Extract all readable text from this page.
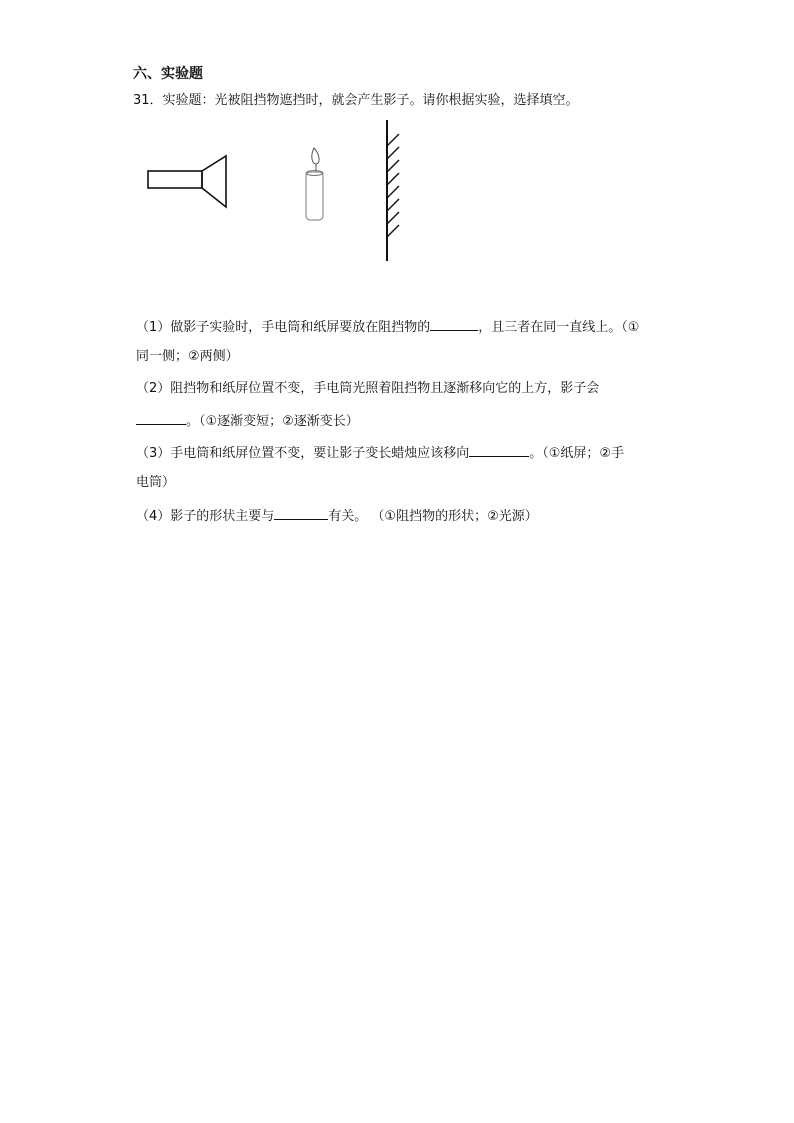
六、实验题
31．实验题：光被阻挡物遮挡时，就会产生影子。请你根据实验，选择填空。
（1）做影子实验时，手电筒和纸屏要放在阻挡物的	，且三者在同一直线上。（①
同一侧；②两侧）
（2）阻挡物和纸屏位置不变，手电筒光照着阻挡物且逐渐移向它的上方，影子会
。（①逐渐变短；②逐渐变长）
（3）手电筒和纸屏位置不变，要让影子变长蜡烛应该移向	。（①纸屏；②手
电筒）
（4）影子的形状主要与	有关。 （①阻挡物的形状；②光源）
